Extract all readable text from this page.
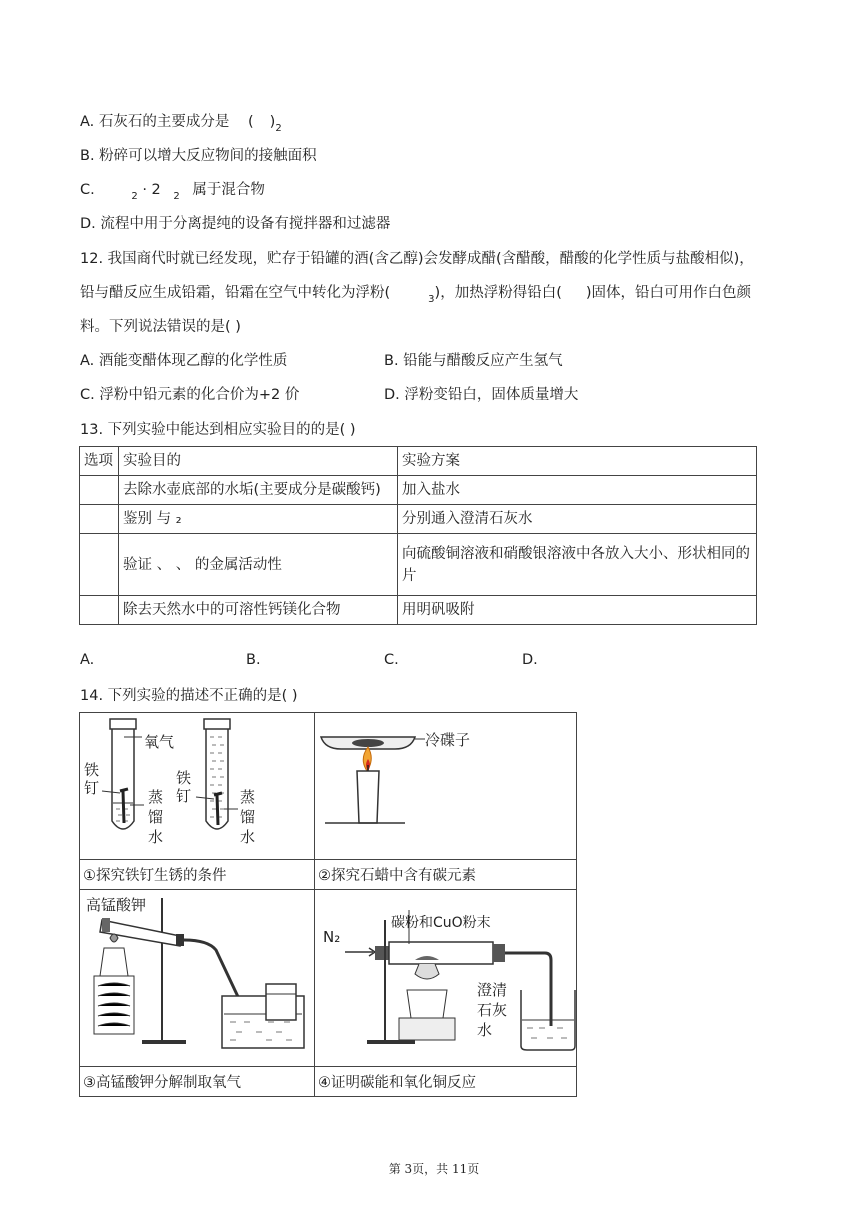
A. 石灰石的主要成分是 ( )$_2$
B. 粉碎可以增大反应物间的接触面积
C.	$_2$ · 2 $_2$ 属于混合物
D. 流程中用于分离提纯的设备有搅拌器和过滤器
12. 我国商代时就已经发现，贮存于铅罐的酒(含乙醇)会发酵成醋(含醋酸，醋酸的化学性质与盐酸相似)，
铅与醋反应生成铅霜，铅霜在空气中转化为浮粉(	$_3$)，加热浮粉得铅白( )固体，铅白可用作白色颜
料。下列说法错误的是( )
A. 酒能变醋体现乙醇的化学性质	B. 铅能与醋酸反应产生氢气
C. 浮粉中铅元素的化合价为+2 价	D. 浮粉变铅白，固体质量增大
13. 下列实验中能达到相应实验目的的是( )
选项	实验目的	实验方案
	去除水壶底部的水垢(主要成分是碳酸钙)	加入盐水
	鉴别 与 ₂	分别通入澄清石灰水
	验证 、 、 的金属活动性	向硫酸铜溶液和硝酸银溶液中各放入大小、形状相同的 片
	除去天然水中的可溶性钙镁化合物	用明矾吸附
A.	B.	C.	D.
14. 下列实验的描述不正确的是( )
氧气
铁
钉	蒸
馏
水
铁
钉	蒸
馏
水
①探究铁钉生锈的条件
冷碟子
②探究石蜡中含有碳元素
高锰酸钾
③高锰酸钾分解制取氧气
N₂
碳粉和CuO粉末
澄清
石灰
水
④证明碳能和氧化铜反应
第 3页，共 11页
